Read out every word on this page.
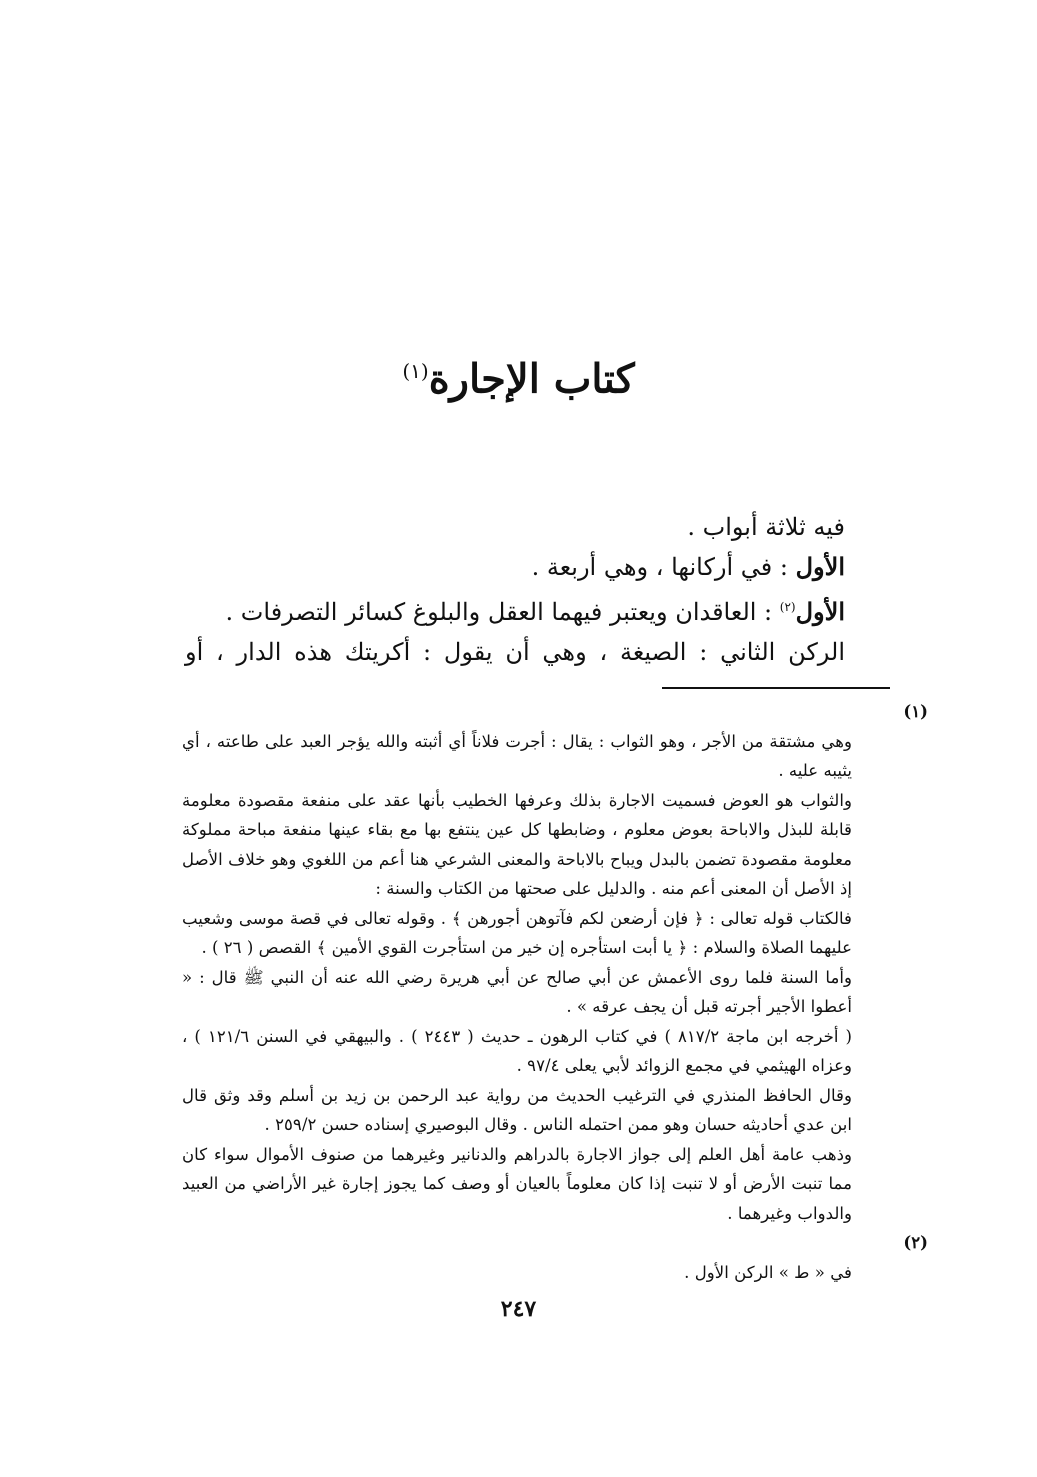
كتاب الإجارة$^{(١)}$

فيه ثلاثة أبواب .

الأول : في أركانها ، وهي أربعة .

الأول$^{(٢)}$ : العاقدان ويعتبر فيهما العقل والبلوغ كسائر التصرفات .

الركن الثاني : الصيغة ، وهي أن يقول : أكريتك هذه الدار ، أو

(١)
وهي مشتقة من الأجر ، وهو الثواب : يقال : أجرت فلاناً أي أثبته والله يؤجر العبد على طاعته ، أي يثيبه عليه .

والثواب هو العوض فسميت الاجارة بذلك وعرفها الخطيب بأنها عقد على منفعة مقصودة معلومة قابلة للبذل والاباحة بعوض معلوم ، وضابطها كل عين ينتفع بها مع بقاء عينها منفعة مباحة مملوكة معلومة مقصودة تضمن بالبدل ويباح بالاباحة والمعنى الشرعي هنا أعم من اللغوي وهو خلاف الأصل إذ الأصل أن المعنى أعم منه . والدليل على صحتها من الكتاب والسنة :

فالكتاب قوله تعالى : ﴿ فإن أرضعن لكم فآتوهن أجورهن ﴾ . وقوله تعالى في قصة موسى وشعيب عليهما الصلاة والسلام : ﴿ يا أبت استأجره إن خير من استأجرت القوي الأمين ﴾ القصص ( ٢٦ ) .

وأما السنة فلما روى الأعمش عن أبي صالح عن أبي هريرة رضي الله عنه أن النبي ﷺ قال : « أعطوا الأجير أجرته قبل أن يجف عرقه » .

( أخرجه ابن ماجة ٨١٧/٢ ) في كتاب الرهون ـ حديث ( ٢٤٤٣ ) . والبيهقي في السنن ١٢١/٦ ) ، وعزاه الهيثمي في مجمع الزوائد لأبي يعلى ٩٧/٤ .

وقال الحافظ المنذري في الترغيب الحديث من رواية عبد الرحمن بن زيد بن أسلم وقد وثق قال ابن عدي أحاديثه حسان وهو ممن احتمله الناس . وقال البوصيري إسناده حسن ٢٥٩/٢ .

وذهب عامة أهل العلم إلى جواز الاجارة بالدراهم والدنانير وغيرهما من صنوف الأموال سواء كان مما تنبت الأرض أو لا تنبت إذا كان معلوماً بالعيان أو وصف كما يجوز إجارة غير الأراضي من العبيد والدواب وغيرهما .

(٢)
في « ط » الركن الأول .

٢٤٧
